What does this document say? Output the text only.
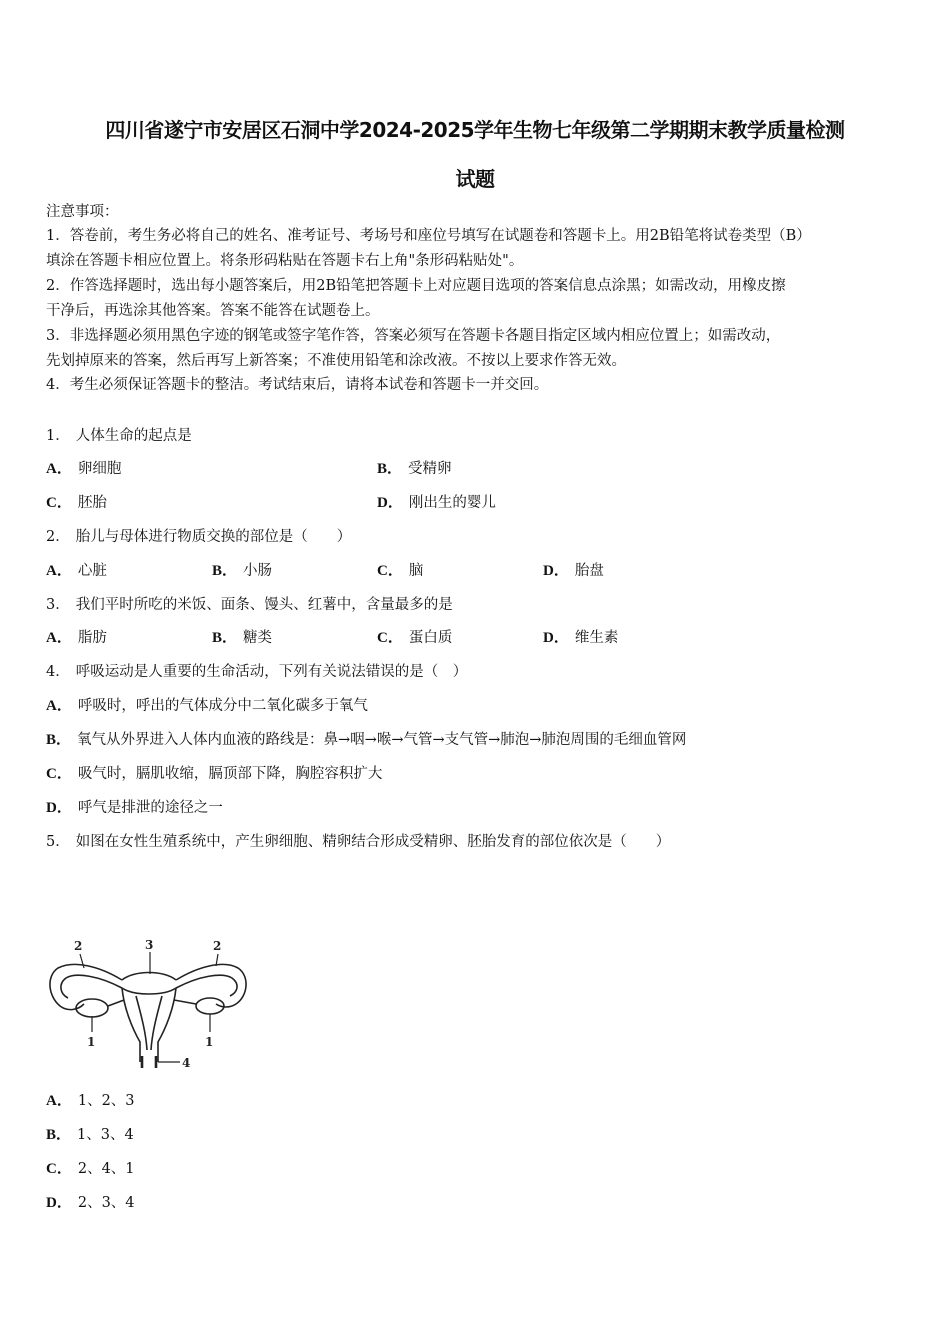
四川省遂宁市安居区石洞中学2024-2025学年生物七年级第二学期期末教学质量检测
试题
注意事项：
1．答卷前，考生务必将自己的姓名、准考证号、考场号和座位号填写在试题卷和答题卡上。用2B铅笔将试卷类型（B）
填涂在答题卡相应位置上。将条形码粘贴在答题卡右上角"条形码粘贴处"。
2．作答选择题时，选出每小题答案后，用2B铅笔把答题卡上对应题目选项的答案信息点涂黑；如需改动，用橡皮擦
干净后，再选涂其他答案。答案不能答在试题卷上。
3．非选择题必须用黑色字迹的钢笔或签字笔作答，答案必须写在答题卡各题目指定区域内相应位置上；如需改动，
先划掉原来的答案，然后再写上新答案；不准使用铅笔和涂改液。不按以上要求作答无效。
4．考生必须保证答题卡的整洁。考试结束后，请将本试卷和答题卡一并交回。
1． 人体生命的起点是
A． 卵细胞	B． 受精卵
C． 胚胎	D． 刚出生的婴儿
2． 胎儿与母体进行物质交换的部位是（　　）
A． 心脏	B． 小肠	C． 脑	D． 胎盘
3． 我们平时所吃的米饭、面条、馒头、红薯中，含量最多的是
A． 脂肪	B． 糖类	C． 蛋白质	D． 维生素
4． 呼吸运动是人重要的生命活动，下列有关说法错误的是（　）
A． 呼吸时，呼出的气体成分中二氧化碳多于氧气
B． 氧气从外界进入人体内血液的路线是：鼻→咽→喉→气管→支气管→肺泡→肺泡周围的毛细血管网
C． 吸气时，膈肌收缩，膈顶部下降，胸腔容积扩大
D． 呼气是排泄的途径之一
5． 如图在女性生殖系统中，产生卵细胞、精卵结合形成受精卵、胚胎发育的部位依次是（　　）
2	3	2
1	1
4
A． 1、2、3
B． 1、3、4
C． 2、4、1
D． 2、3、4
